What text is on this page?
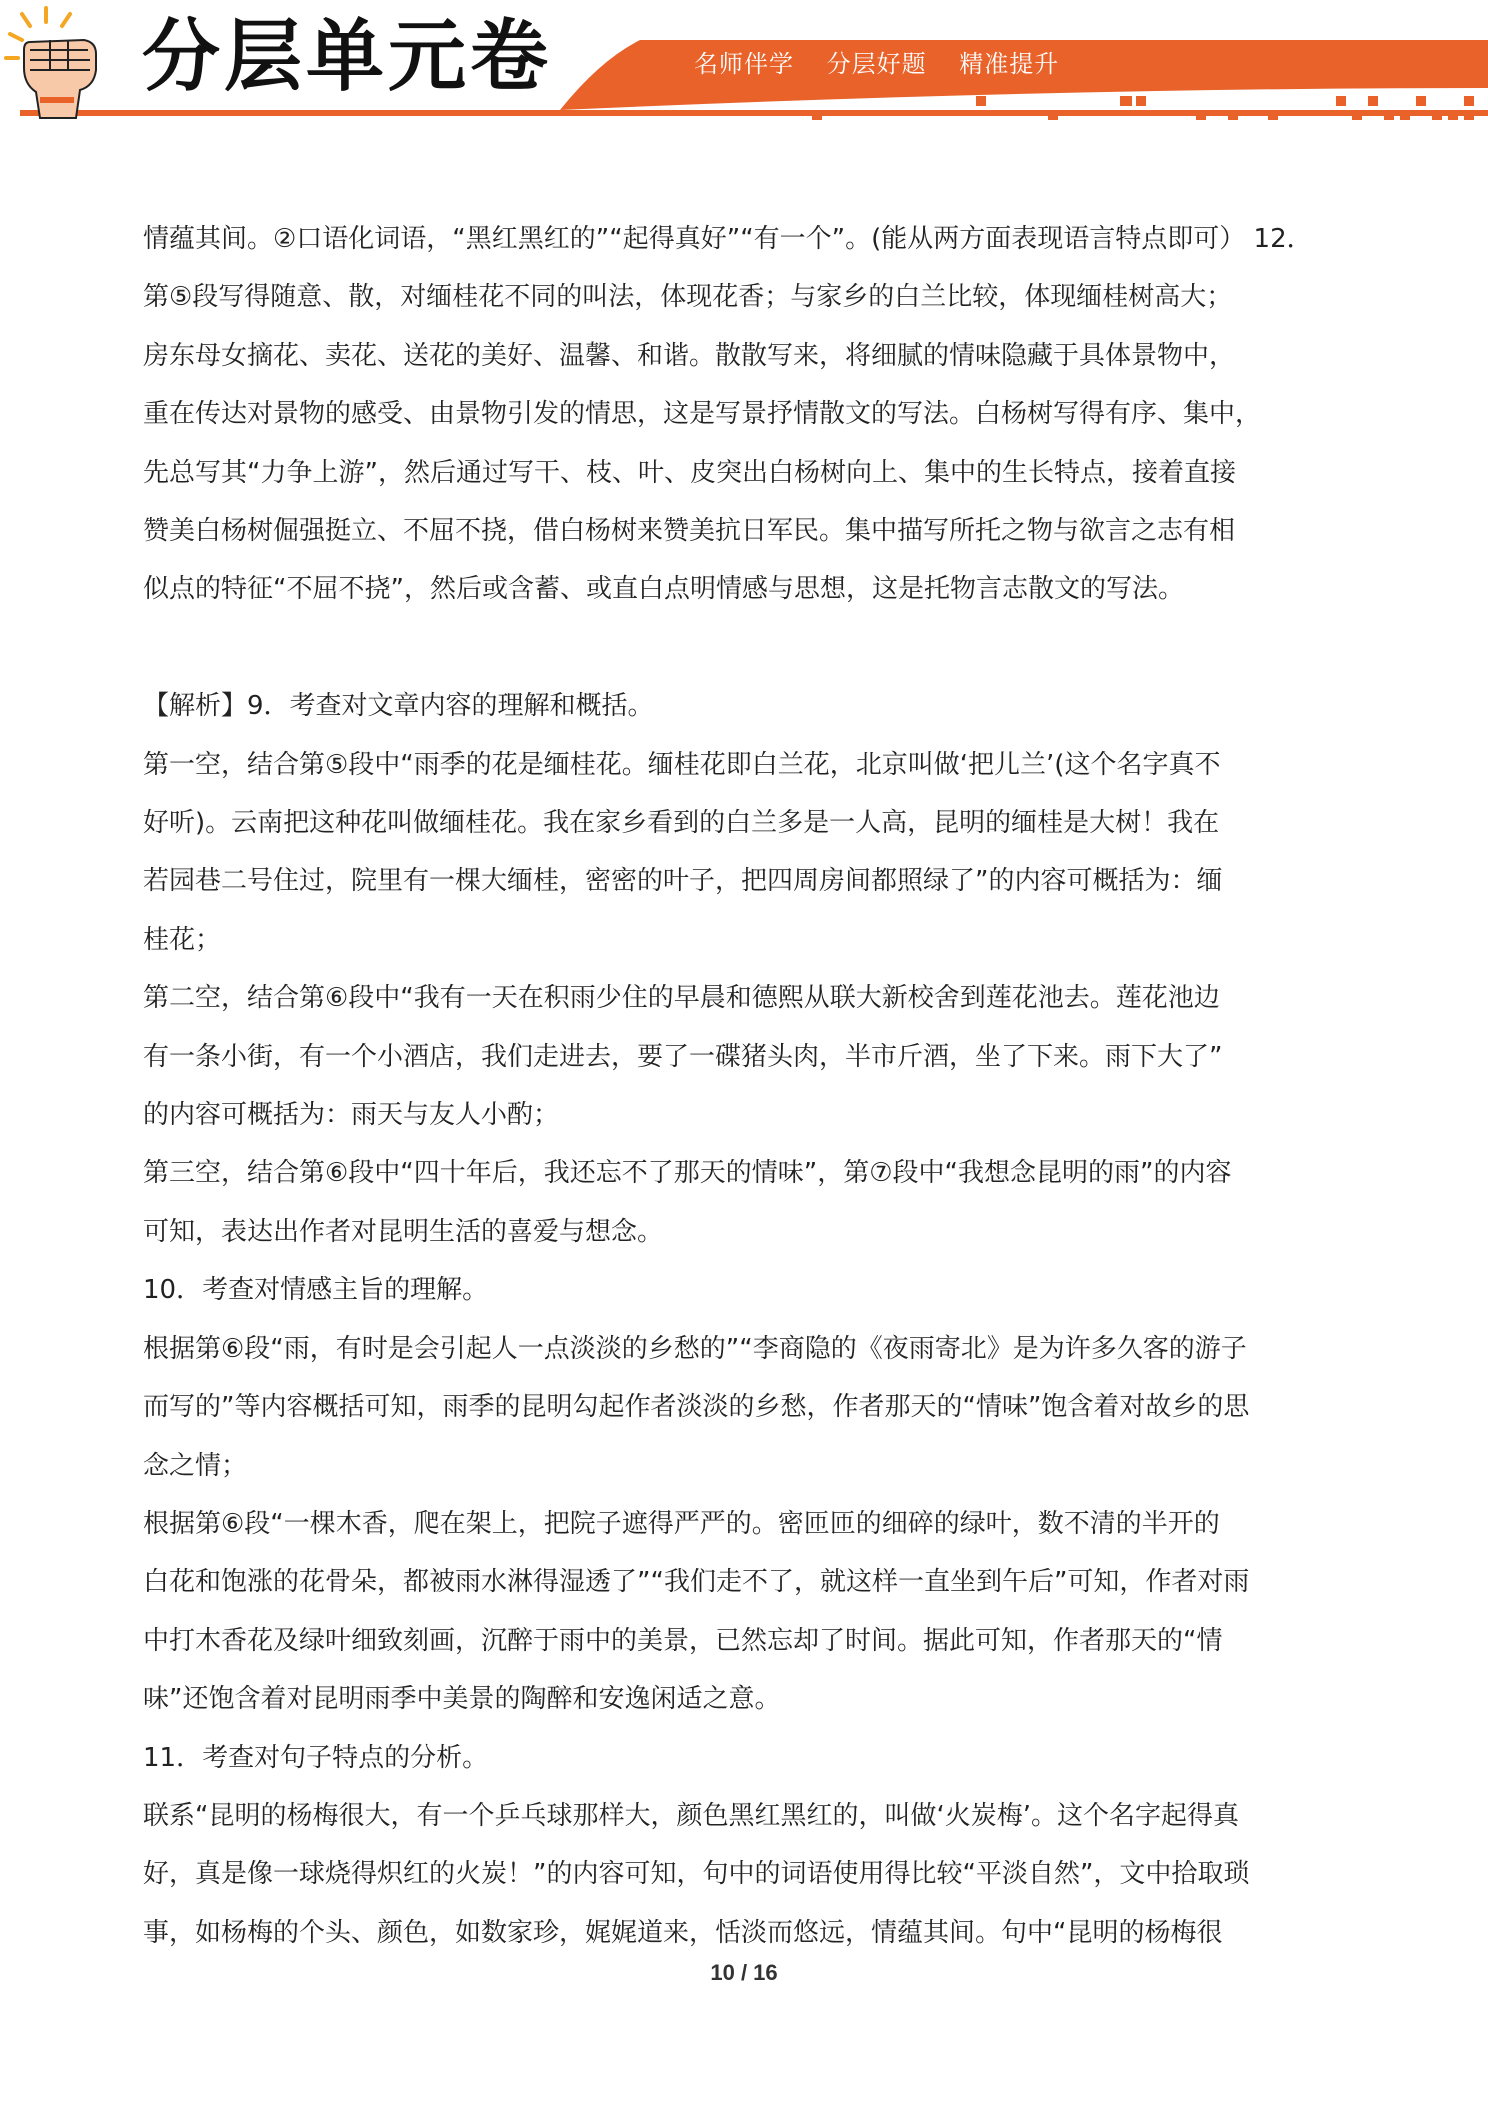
分层单元卷	名师伴学 分层好题 精准提升

情蕴其间。②口语化词语，“黑红黑红的”“起得真好”“有一个”。(能从两方面表现语言特点即可） 12．

第⑤段写得随意、散，对缅桂花不同的叫法，体现花香；与家乡的白兰比较，体现缅桂树高大；

房东母女摘花、卖花、送花的美好、温馨、和谐。散散写来，将细腻的情味隐藏于具体景物中，

重在传达对景物的感受、由景物引发的情思，这是写景抒情散文的写法。白杨树写得有序、集中，

先总写其“力争上游”，然后通过写干、枝、叶、皮突出白杨树向上、集中的生长特点，接着直接

赞美白杨树倔强挺立、不屈不挠，借白杨树来赞美抗日军民。集中描写所托之物与欲言之志有相

似点的特征“不屈不挠”，然后或含蓄、或直白点明情感与思想，这是托物言志散文的写法。

【解析】9．考查对文章内容的理解和概括。

第一空，结合第⑤段中“雨季的花是缅桂花。缅桂花即白兰花，北京叫做‘把儿兰’(这个名字真不

好听)。云南把这种花叫做缅桂花。我在家乡看到的白兰多是一人高，昆明的缅桂是大树！我在

若园巷二号住过，院里有一棵大缅桂，密密的叶子，把四周房间都照绿了”的内容可概括为：缅

桂花；

第二空，结合第⑥段中“我有一天在积雨少住的早晨和德熙从联大新校舍到莲花池去。莲花池边

有一条小街，有一个小酒店，我们走进去，要了一碟猪头肉，半市斤酒，坐了下来。雨下大了”

的内容可概括为：雨天与友人小酌；

第三空，结合第⑥段中“四十年后，我还忘不了那天的情味”，第⑦段中“我想念昆明的雨”的内容

可知，表达出作者对昆明生活的喜爱与想念。

10．考查对情感主旨的理解。

根据第⑥段“雨，有时是会引起人一点淡淡的乡愁的”“李商隐的《夜雨寄北》是为许多久客的游子

而写的”等内容概括可知，雨季的昆明勾起作者淡淡的乡愁，作者那天的“情味”饱含着对故乡的思

念之情；

根据第⑥段“一棵木香，爬在架上，把院子遮得严严的。密匝匝的细碎的绿叶，数不清的半开的

白花和饱涨的花骨朵，都被雨水淋得湿透了”“我们走不了，就这样一直坐到午后”可知，作者对雨

中打木香花及绿叶细致刻画，沉醉于雨中的美景，已然忘却了时间。据此可知，作者那天的“情

味”还饱含着对昆明雨季中美景的陶醉和安逸闲适之意。

11．考查对句子特点的分析。

联系“昆明的杨梅很大，有一个乒乓球那样大，颜色黑红黑红的，叫做‘火炭梅’。这个名字起得真

好，真是像一球烧得炽红的火炭！”的内容可知，句中的词语使用得比较“平淡自然”，文中拾取琐

事，如杨梅的个头、颜色，如数家珍，娓娓道来，恬淡而悠远，情蕴其间。句中“昆明的杨梅很

10 / 16
